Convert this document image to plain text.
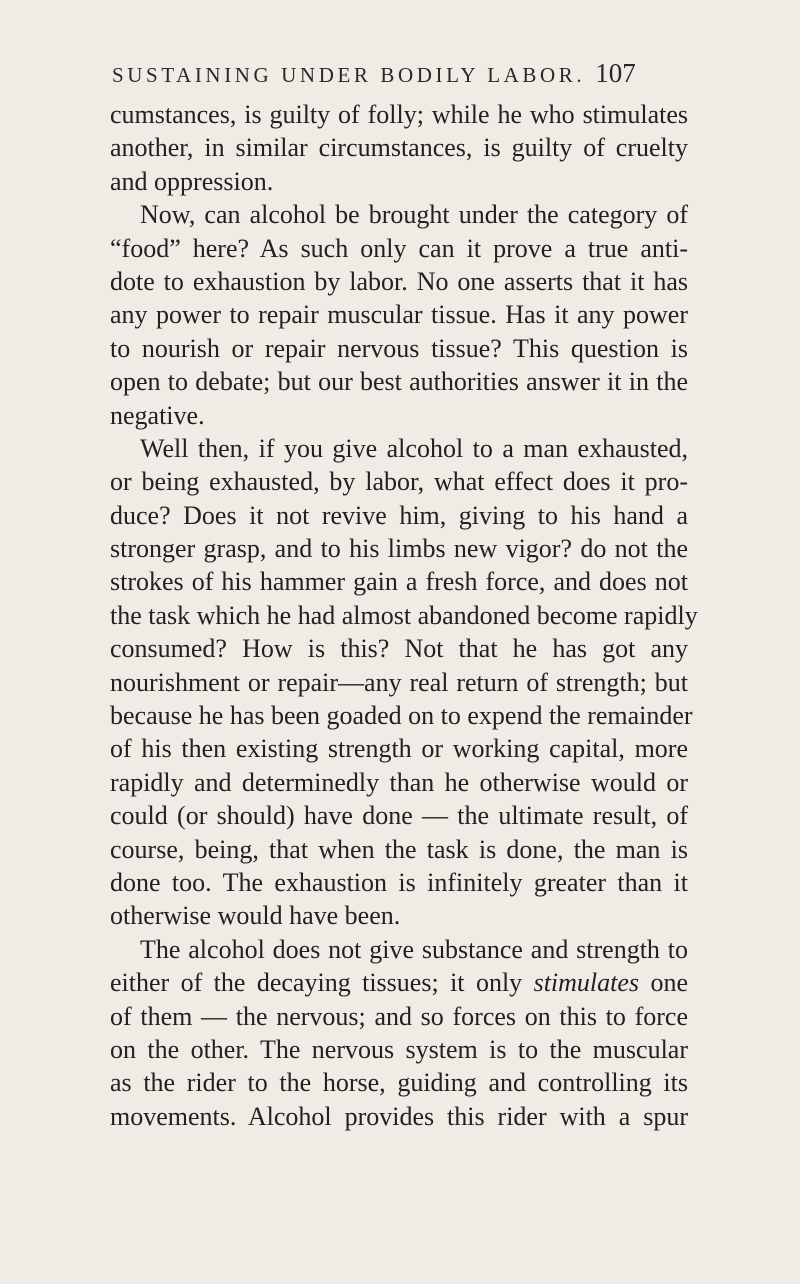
SUSTAINING UNDER BODILY LABOR. 107
cumstances, is guilty of folly; while he who stimulates
another, in similar circumstances, is guilty of cruelty
and oppression.
Now, can alcohol be brought under the category of
“food” here? As such only can it prove a true anti-
dote to exhaustion by labor. No one asserts that it has
any power to repair muscular tissue. Has it any power
to nourish or repair nervous tissue? This question is
open to debate; but our best authorities answer it in the
negative.
Well then, if you give alcohol to a man exhausted,
or being exhausted, by labor, what effect does it pro-
duce? Does it not revive him, giving to his hand a
stronger grasp, and to his limbs new vigor? do not the
strokes of his hammer gain a fresh force, and does not
the task which he had almost abandoned become rapidly
consumed? How is this? Not that he has got any
nourishment or repair—any real return of strength; but
because he has been goaded on to expend the remainder
of his then existing strength or working capital, more
rapidly and determinedly than he otherwise would or
could (or should) have done — the ultimate result, of
course, being, that when the task is done, the man is
done too. The exhaustion is infinitely greater than it
otherwise would have been.
The alcohol does not give substance and strength to
either of the decaying tissues; it only stimulates one
of them — the nervous; and so forces on this to force
on the other. The nervous system is to the muscular
as the rider to the horse, guiding and controlling its
movements. Alcohol provides this rider with a spur
